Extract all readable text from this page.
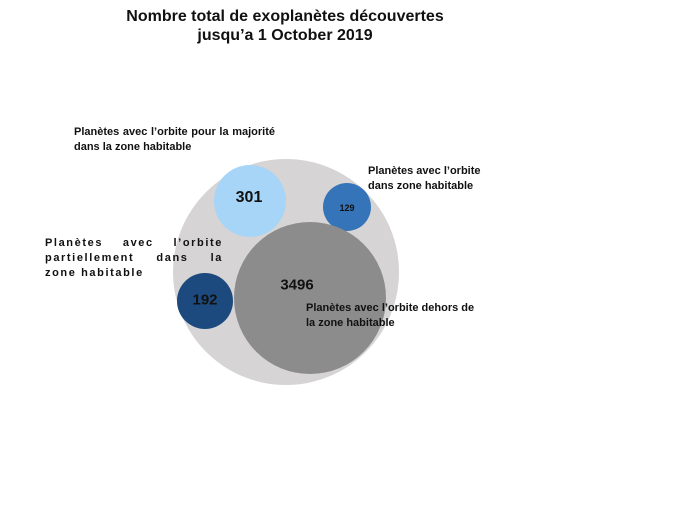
Nombre total de exoplanètes découvertes
jusqu’a 1 October 2019
301
129
192
3496
Planètes avec l’orbite pour la majorité dans la zone habitable
Planètes avec l’orbite dans zone habitable
Planètes avec l’orbite partiellement dans la zone habitable
Planètes avec l’orbite dehors de la zone habitable
